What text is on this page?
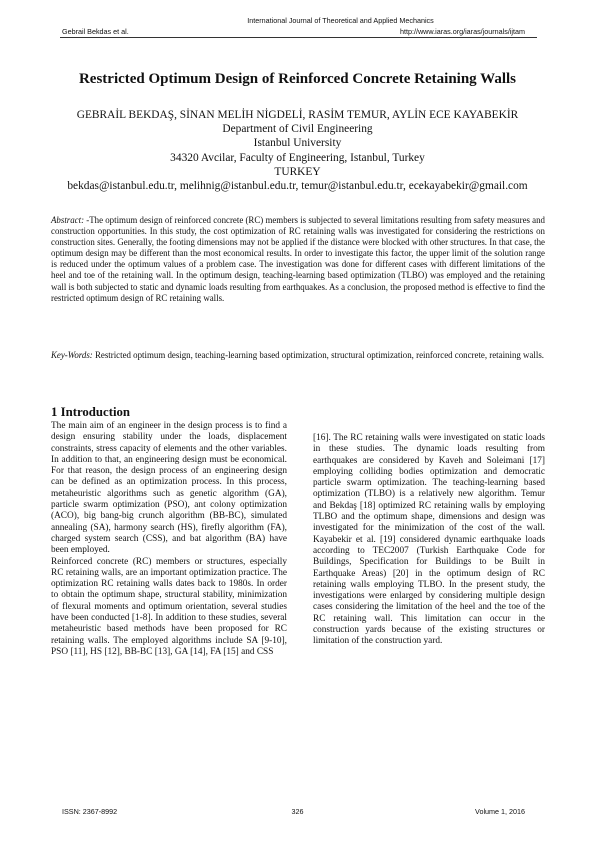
International Journal of Theoretical and Applied Mechanics
Gebrail Bekdas et al.	http://www.iaras.org/iaras/journals/ijtam
Restricted Optimum Design of Reinforced Concrete Retaining Walls
GEBRAİL BEKDAŞ, SİNAN MELİH NİGDELİ, RASİM TEMUR, AYLİN ECE KAYABEKİR
Department of Civil Engineering
Istanbul University
34320 Avcilar, Faculty of Engineering, Istanbul, Turkey
TURKEY
bekdas@istanbul.edu.tr, melihnig@istanbul.edu.tr, temur@istanbul.edu.tr, ecekayabekir@gmail.com
Abstract: -The optimum design of reinforced concrete (RC) members is subjected to several limitations resulting from safety measures and construction opportunities. In this study, the cost optimization of RC retaining walls was investigated for considering the restrictions on construction sites. Generally, the footing dimensions may not be applied if the distance were blocked with other structures. In that case, the optimum design may be different than the most economical results. In order to investigate this factor, the upper limit of the solution range is reduced under the optimum values of a problem case. The investigation was done for different cases with different limitations of the heel and toe of the retaining wall. In the optimum design, teaching-learning based optimization (TLBO) was employed and the retaining wall is both subjected to static and dynamic loads resulting from earthquakes. As a conclusion, the proposed method is effective to find the restricted optimum design of RC retaining walls.
Key-Words: Restricted optimum design, teaching-learning based optimization, structural optimization, reinforced concrete, retaining walls.
1 Introduction

The main aim of an engineer in the design process is to find a design ensuring stability under the loads, displacement constraints, stress capacity of elements and the other variables. In addition to that, an engineering design must be economical. For that reason, the design process of an engineering design can be defined as an optimization process. In this process, metaheuristic algorithms such as genetic algorithm (GA), particle swarm optimization (PSO), ant colony optimization (ACO), big bang-big crunch algorithm (BB-BC), simulated annealing (SA), harmony search (HS), firefly algorithm (FA), charged system search (CSS), and bat algorithm (BA) have been employed.

Reinforced concrete (RC) members or structures, especially RC retaining walls, are an important optimization practice. The optimization RC retaining walls dates back to 1980s. In order to obtain the optimum shape, structural stability, minimization of flexural moments and optimum orientation, several studies have been conducted [1-8]. In addition to these studies, several metaheuristic based methods have been proposed for RC retaining walls. The employed algorithms include SA [9-10], PSO [11], HS [12], BB-BC [13], GA [14], FA [15] and CSS

[16]. The RC retaining walls were investigated on static loads in these studies. The dynamic loads resulting from earthquakes are considered by Kaveh and Soleimani [17] employing colliding bodies optimization and democratic particle swarm optimization. The teaching-learning based optimization (TLBO) is a relatively new algorithm. Temur and Bekdaş [18] optimized RC retaining walls by employing TLBO and the optimum shape, dimensions and design was investigated for the minimization of the cost of the wall. Kayabekir et al. [19] considered dynamic earthquake loads according to TEC2007 (Turkish Earthquake Code for Buildings, Specification for Buildings to be Built in Earthquake Areas) [20] in the optimum design of RC retaining walls employing TLBO. In the present study, the investigations were enlarged by considering multiple design cases considering the limitation of the heel and the toe of the RC retaining wall. This limitation can occur in the construction yards because of the existing structures or limitation of the construction yard.

ISSN: 2367-8992	326	Volume 1, 2016
